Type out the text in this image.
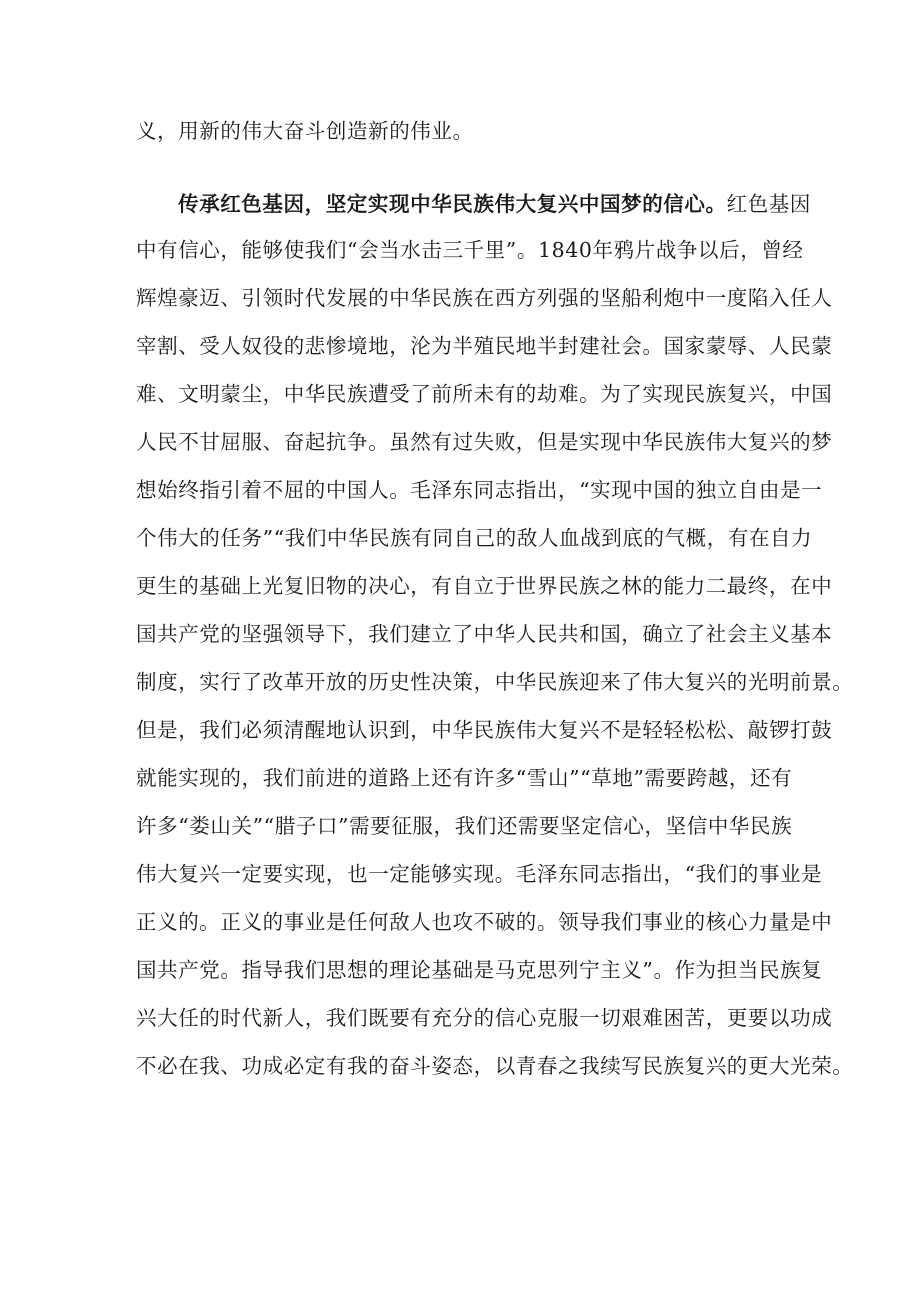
义，用新的伟大奋斗创造新的伟业。
传承红色基因，坚定实现中华民族伟大复兴中国梦的信心。红色基因
中有信心，能够使我们“会当水击三千里”。1840年鸦片战争以后，曾经
辉煌豪迈、引领时代发展的中华民族在西方列强的坚船利炮中一度陷入任人
宰割、受人奴役的悲惨境地，沦为半殖民地半封建社会。国家蒙辱、人民蒙
难、文明蒙尘，中华民族遭受了前所未有的劫难。为了实现民族复兴，中国
人民不甘屈服、奋起抗争。虽然有过失败，但是实现中华民族伟大复兴的梦
想始终指引着不屈的中国人。毛泽东同志指出，“实现中国的独立自由是一
个伟大的任务”“我们中华民族有同自己的敌人血战到底的气概，有在自力
更生的基础上光复旧物的决心，有自立于世界民族之林的能力二最终，在中
国共产党的坚强领导下，我们建立了中华人民共和国，确立了社会主义基本
制度，实行了改革开放的历史性决策，中华民族迎来了伟大复兴的光明前景。
但是，我们必须清醒地认识到，中华民族伟大复兴不是轻轻松松、敲锣打鼓
就能实现的，我们前进的道路上还有许多“雪山”“草地”需要跨越，还有
许多“娄山关”“腊子口”需要征服，我们还需要坚定信心，坚信中华民族
伟大复兴一定要实现，也一定能够实现。毛泽东同志指出，“我们的事业是
正义的。正义的事业是任何敌人也攻不破的。领导我们事业的核心力量是中
国共产党。指导我们思想的理论基础是马克思列宁主义”。作为担当民族复
兴大任的时代新人，我们既要有充分的信心克服一切艰难困苦，更要以功成
不必在我、功成必定有我的奋斗姿态，以青春之我续写民族复兴的更大光荣。
